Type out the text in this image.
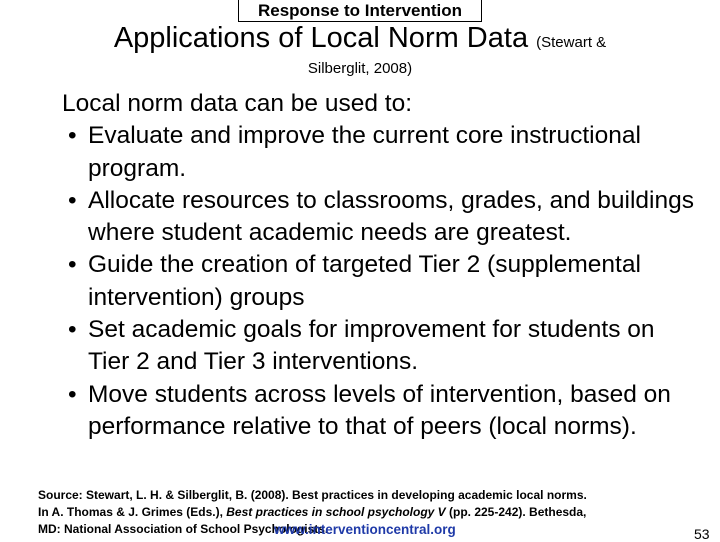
Response to Intervention
Applications of Local Norm Data (Stewart &
Silberglit, 2008)

Local norm data can be used to:

• Evaluate and improve the current core instructional program.
• Allocate resources to classrooms, grades, and buildings where student academic needs are greatest.
• Guide the creation of targeted Tier 2 (supplemental intervention) groups
• Set academic goals for improvement for students on Tier 2 and Tier 3 interventions.
• Move students across levels of intervention, based on performance relative to that of peers (local norms).
Source: Stewart, L. H. & Silberglit, B. (2008). Best practices in developing academic local norms.
In A. Thomas & J. Grimes (Eds.), Best practices in school psychology V (pp. 225-242). Bethesda,
MD: National Association of School Psychologists.
www.interventioncentral.org	53
